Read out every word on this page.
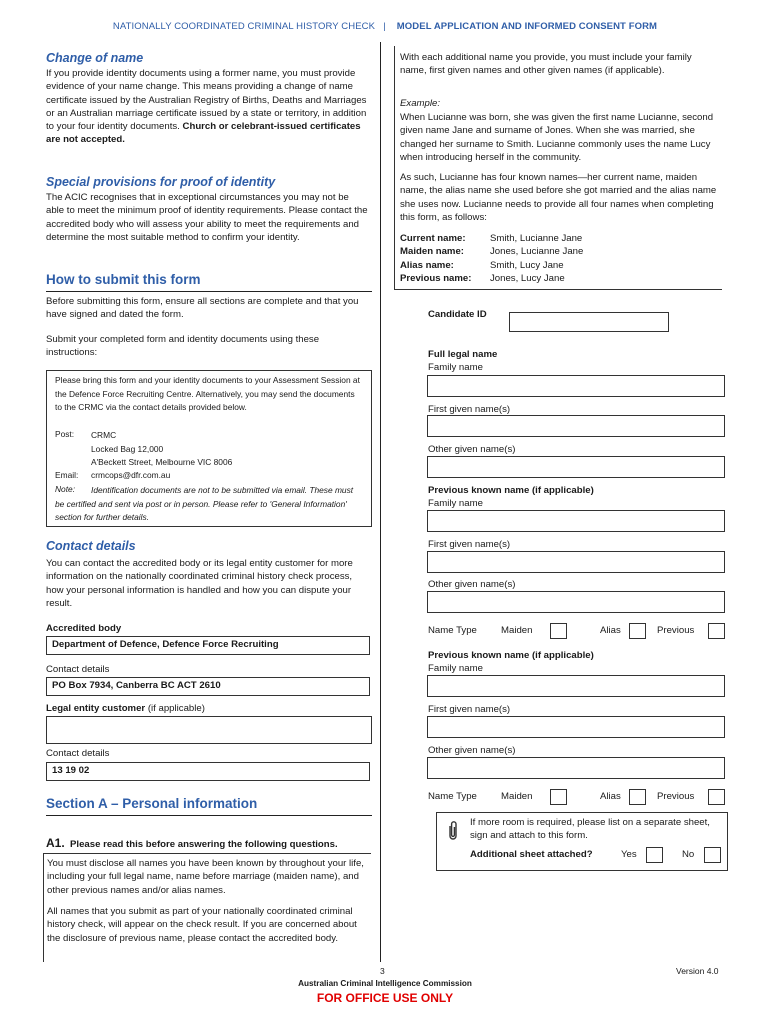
NATIONALLY COORDINATED CRIMINAL HISTORY CHECK | MODEL APPLICATION AND INFORMED CONSENT FORM
Change of name
If you provide identity documents using a former name, you must provide evidence of your name change. This means providing a change of name certificate issued by the Australian Registry of Births, Deaths and Marriages or an Australian marriage certificate issued by a state or territory, in addition to your four identity documents. Church or celebrant-issued certificates are not accepted.
Special provisions for proof of identity
The ACIC recognises that in exceptional circumstances you may not be able to meet the minimum proof of identity requirements. Please contact the accredited body who will assess your ability to meet the requirements and determine the most suitable method to confirm your identity.
How to submit this form
Before submitting this form, ensure all sections are complete and that you have signed and dated the form.
Submit your completed form and identity documents using these instructions:
Please bring this form and your identity documents to your Assessment Session at the Defence Force Recruiting Centre. Alternatively, you may send the documents to the CRMC via the contact details provided below.
Post: CRMC
Locked Bag 12,000
A'Beckett Street, Melbourne VIC 8006
Email: crmcops@dfr.com.au
Note:	Identification documents are not to be submitted via email. These must be certified and sent via post or in person. Please refer to 'General Information' section for further details.
Contact details
You can contact the accredited body or its legal entity customer for more information on the nationally coordinated criminal history check process, how your personal information is handled and how you can dispute your result.
Accredited body
Department of Defence, Defence Force Recruiting
Contact details
PO Box 7934, Canberra BC ACT 2610
Legal entity customer (if applicable)
Contact details
13 19 02
Section A – Personal information
A1. Please read this before answering the following questions.
You must disclose all names you have been known by throughout your life, including your full legal name, name before marriage (maiden name), and other previous names and/or alias names.
All names that you submit as part of your nationally coordinated criminal history check, will appear on the check result. If you are concerned about the disclosure of previous name, please contact the accredited body.
With each additional name you provide, you must include your family name, first given names and other given names (if applicable).
Example:
When Lucianne was born, she was given the first name Lucianne, second given name Jane and surname of Jones. When she was married, she changed her surname to Smith. Lucianne commonly uses the name Lucy when introducing herself in the community.
As such, Lucianne has four known names—her current name, maiden name, the alias name she used before she got married and the alias name she uses now. Lucianne needs to provide all four names when completing this form, as follows:
Current name:	Smith, Lucianne Jane
Maiden name:	Jones, Lucianne Jane
Alias name:	Smith, Lucy Jane
Previous name:	Jones, Lucy Jane
Candidate ID
Full legal name
Family name
First given name(s)
Other given name(s)
Previous known name (if applicable)
Family name
First given name(s)
Other given name(s)
Name Type	Maiden	Alias	Previous
Previous known name (if applicable)
Family name
First given name(s)
Other given name(s)
Name Type	Maiden	Alias	Previous
If more room is required, please list on a separate sheet, sign and attach to this form.
Additional sheet attached?	Yes	No
3	Version 4.0
Australian Criminal Intelligence Commission
FOR OFFICE USE ONLY
